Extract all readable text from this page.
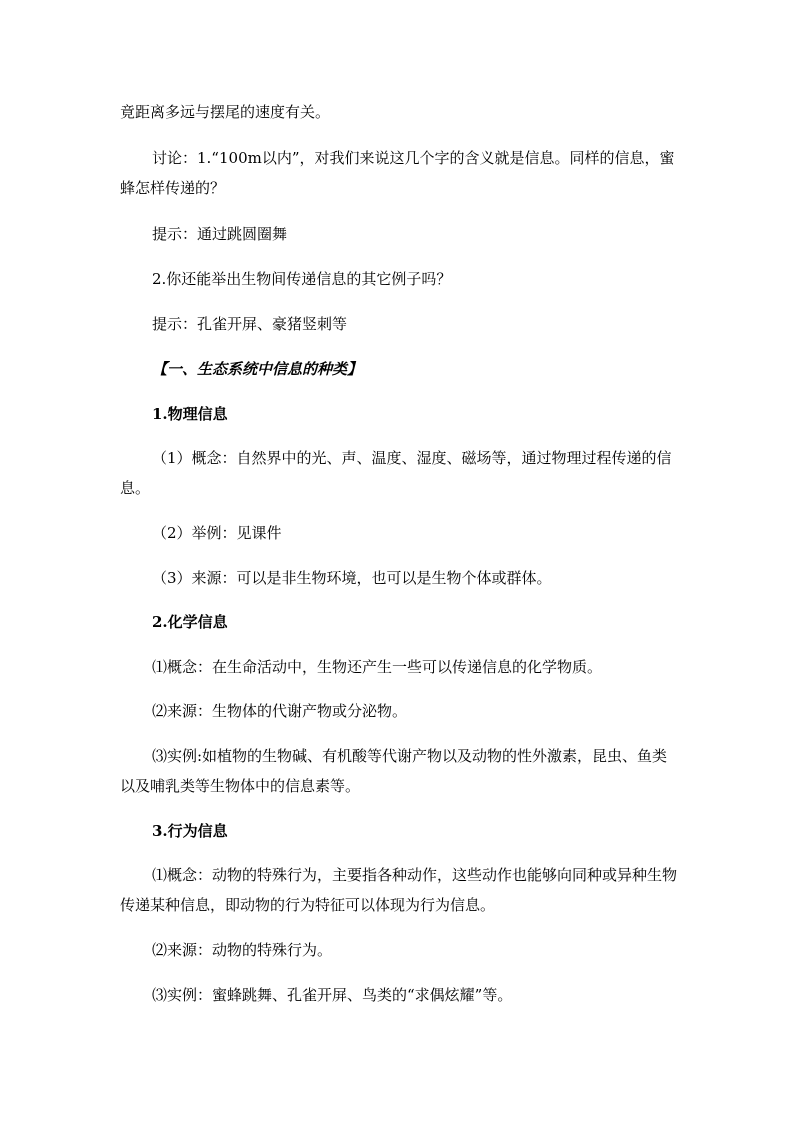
竟距离多远与摆尾的速度有关。
讨论：1.“100m以内”，对我们来说这几个字的含义就是信息。同样的信息，蜜蜂怎样传递的？
提示：通过跳圆圈舞
2.你还能举出生物间传递信息的其它例子吗？
提示：孔雀开屏、豪猪竖刺等
【一、生态系统中信息的种类】
1.物理信息
（1）概念：自然界中的光、声、温度、湿度、磁场等，通过物理过程传递的信息。
（2）举例：见课件
（3）来源：可以是非生物环境，也可以是生物个体或群体。
2.化学信息
⑴概念：在生命活动中，生物还产生一些可以传递信息的化学物质。
⑵来源：生物体的代谢产物或分泌物。
⑶实例:如植物的生物碱、有机酸等代谢产物以及动物的性外激素，昆虫、鱼类以及哺乳类等生物体中的信息素等。
3.行为信息
⑴概念：动物的特殊行为，主要指各种动作，这些动作也能够向同种或异种生物传递某种信息，即动物的行为特征可以体现为行为信息。
⑵来源：动物的特殊行为。
⑶实例：蜜蜂跳舞、孔雀开屏、鸟类的“求偶炫耀”等。
